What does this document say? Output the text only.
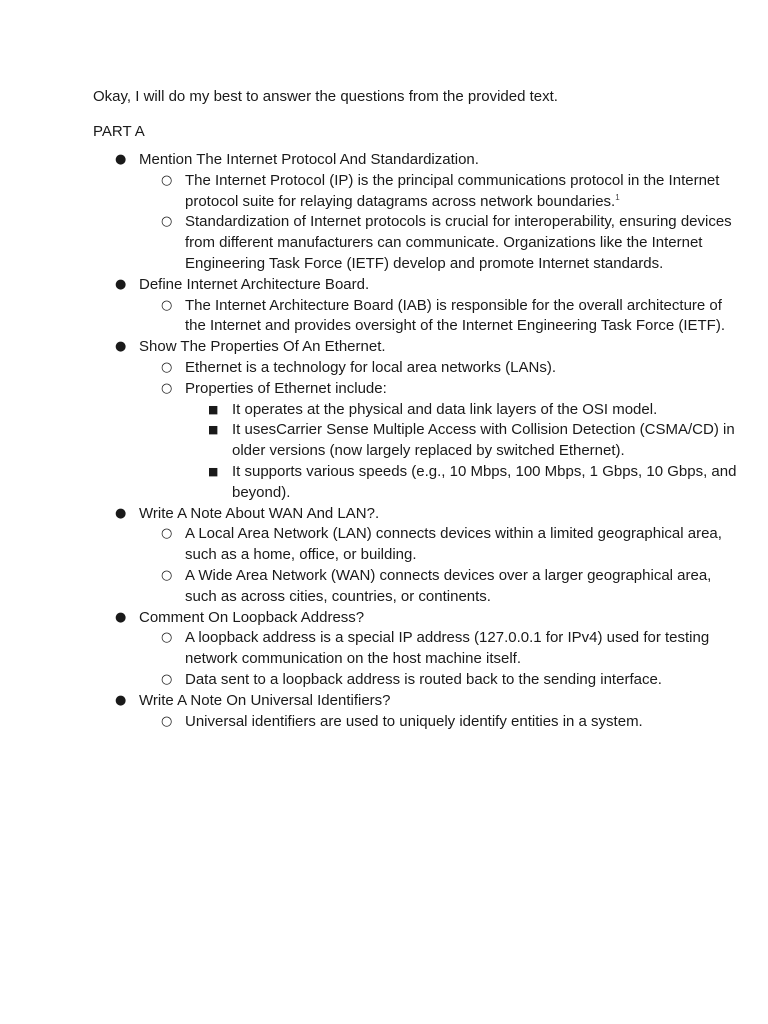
Okay, I will do my best to answer the questions from the provided text.

PART A

● Mention The Internet Protocol And Standardization.
○ The Internet Protocol (IP) is the principal communications protocol in the Internet protocol suite for relaying datagrams across network boundaries.$^1$
○ Standardization of Internet protocols is crucial for interoperability, ensuring devices from different manufacturers can communicate. Organizations like the Internet Engineering Task Force (IETF) develop and promote Internet standards.
● Define Internet Architecture Board.
○ The Internet Architecture Board (IAB) is responsible for the overall architecture of the Internet and provides oversight of the Internet Engineering Task Force (IETF).
● Show The Properties Of An Ethernet.
○ Ethernet is a technology for local area networks (LANs).
○ Properties of Ethernet include:
■ It operates at the physical and data link layers of the OSI model.
■ It usesCarrier Sense Multiple Access with Collision Detection (CSMA/CD) in older versions (now largely replaced by switched Ethernet).
■ It supports various speeds (e.g., 10 Mbps, 100 Mbps, 1 Gbps, 10 Gbps, and beyond).
● Write A Note About WAN And LAN?.
○ A Local Area Network (LAN) connects devices within a limited geographical area, such as a home, office, or building.
○ A Wide Area Network (WAN) connects devices over a larger geographical area, such as across cities, countries, or continents.
● Comment On Loopback Address?
○ A loopback address is a special IP address (127.0.0.1 for IPv4) used for testing network communication on the host machine itself.
○ Data sent to a loopback address is routed back to the sending interface.
● Write A Note On Universal Identifiers?
○ Universal identifiers are used to uniquely identify entities in a system.
